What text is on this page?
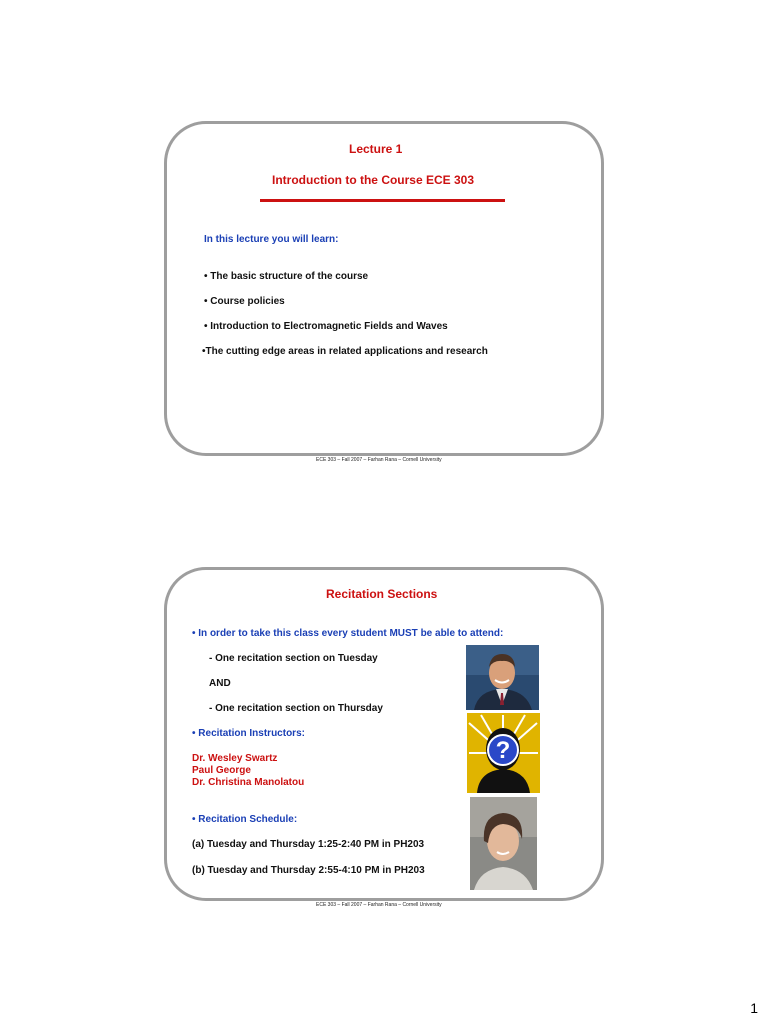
Lecture 1
Introduction to the Course ECE 303
In this lecture you will learn:
• The basic structure of the course
• Course policies
• Introduction to Electromagnetic Fields and Waves
•The cutting edge areas in related applications and research
ECE 303 – Fall 2007 – Farhan Rana – Cornell University
Recitation Sections
• In order to take this class every student MUST be able to attend:
- One recitation section on Tuesday
AND
- One recitation section on Thursday
• Recitation Instructors:
Dr. Wesley Swartz
Paul George
Dr. Christina Manolatou
• Recitation Schedule:
(a) Tuesday and Thursday 1:25-2:40 PM in PH203
(b) Tuesday and Thursday 2:55-4:10 PM in PH203
?
ECE 303 – Fall 2007 – Farhan Rana – Cornell University
1
